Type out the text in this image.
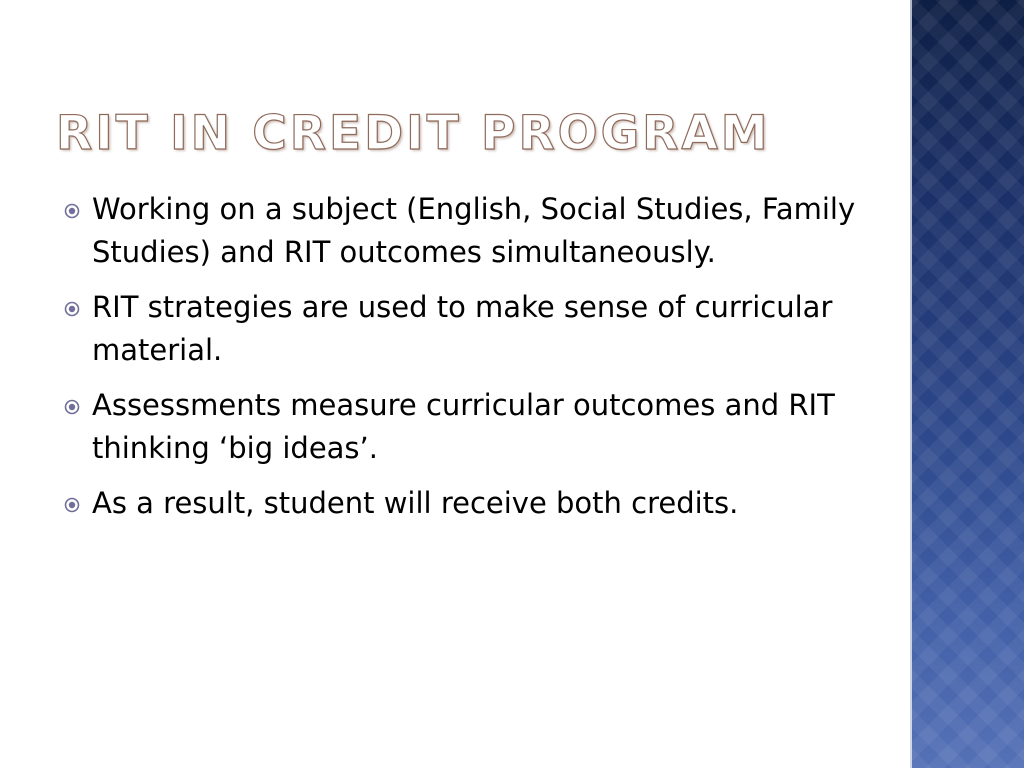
RIT IN CREDIT PROGRAM
Working on a subject (English, Social Studies, Family Studies) and RIT outcomes simultaneously.
RIT strategies are used to make sense of curricular material.
Assessments measure curricular outcomes and RIT thinking ‘big ideas’.
As a result, student will receive both credits.
